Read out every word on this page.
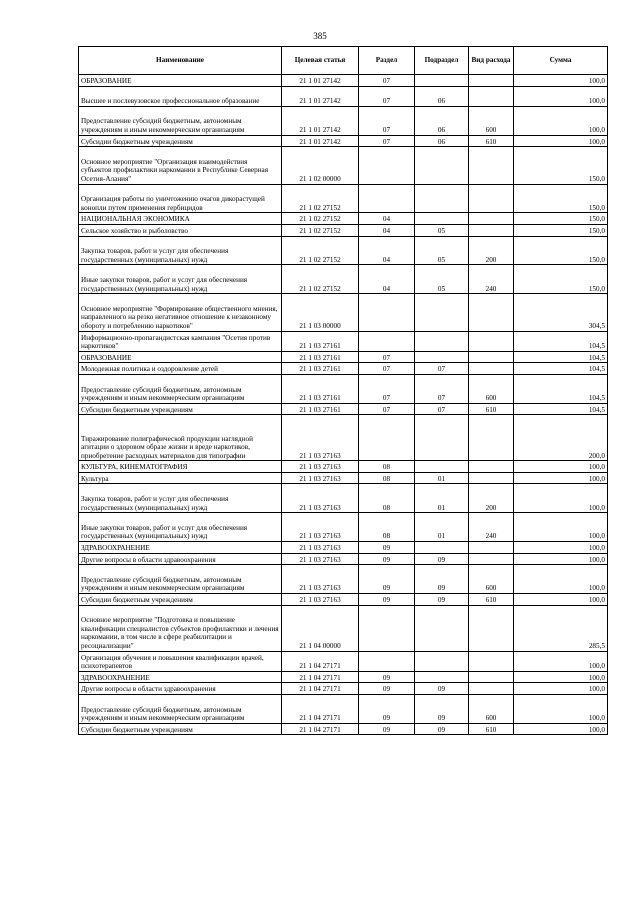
385
Наименование	Целевая статья	Раздел	Подраздел	Вид расхода	Сумма
ОБРАЗОВАНИЕ	21 1 01 27142	07			100,0
Высшее и послевузовское профессиональное образование	21 1 01 27142	07	06		100,0
Предоставление субсидий бюджетным, автономным учреждениям и иным некоммерческим организациям	21 1 01 27142	07	06	600	100,0
Субсидии бюджетным учреждениям	21 1 01 27142	07	06	610	100,0
Основное мероприятие "Организация взаимодействия субъектов профилактики наркомании в Республике Северная Осетия-Алания"	21 1 02 00000				150,0
Организация работы по уничтожению очагов дикорастущей конопли путем применения гербицидов	21 1 02 27152				150,0
НАЦИОНАЛЬНАЯ ЭКОНОМИКА	21 1 02 27152	04			150,0
Сельское хозяйство и рыболовство	21 1 02 27152	04	05		150,0
Закупка товаров, работ и услуг для обеспечения государственных (муниципальных) нужд	21 1 02 27152	04	05	200	150,0
Иные закупки товаров, работ и услуг для обеспечения государственных (муниципальных) нужд	21 1 02 27152	04	05	240	150,0
Основное мероприятие "Формирование общественного мнения, направленного на резко негативное отношение к незаконному обороту и потреблению наркотиков"	21 1 03 00000				304,5
Информационно-пропагандистская кампания "Осетия против наркотиков"	21 1 03 27161				104,5
ОБРАЗОВАНИЕ	21 1 03 27161	07			104,5
Молодежная политика и оздоровление детей	21 1 03 27161	07	07		104,5
Предоставление субсидий бюджетным, автономным учреждениям и иным некоммерческим организациям	21 1 03 27161	07	07	600	104,5
Субсидии бюджетным учреждениям	21 1 03 27161	07	07	610	104,5
Тиражирование полиграфической продукции наглядной агитации о здоровом образе жизни и вреде наркотиков, приобретение расходных материалов для типографии	21 1 03 27163				200,0
КУЛЬТУРА, КИНЕМАТОГРАФИЯ	21 1 03 27163	08			100,0
Культура	21 1 03 27163	08	01		100,0
Закупка товаров, работ и услуг для обеспечения государственных (муниципальных) нужд	21 1 03 27163	08	01	200	100,0
Иные закупки товаров, работ и услуг для обеспечения государственных (муниципальных) нужд	21 1 03 27163	08	01	240	100,0
ЗДРАВООХРАНЕНИЕ	21 1 03 27163	09			100,0
Другие вопросы в области здравоохранения	21 1 03 27163	09	09		100,0
Предоставление субсидий бюджетным, автономным учреждениям и иным некоммерческим организациям	21 1 03 27163	09	09	600	100,0
Субсидии бюджетным учреждениям	21 1 03 27163	09	09	610	100,0
Основное мероприятие "Подготовка и повышение квалификации специалистов субъектов профилактики и лечения наркомании, в том числе в сфере реабилитации и ресоциализации"	21 1 04 00000				285,5
Организация обучения и повышения квалификации врачей, психотерапевтов	21 1 04 27171				100,0
ЗДРАВООХРАНЕНИЕ	21 1 04 27171	09			100,0
Другие вопросы в области здравоохранения	21 1 04 27171	09	09		100,0
Предоставление субсидий бюджетным, автономным учреждениям и иным некоммерческим организациям	21 1 04 27171	09	09	600	100,0
Субсидии бюджетным учреждениям	21 1 04 27171	09	09	610	100,0
